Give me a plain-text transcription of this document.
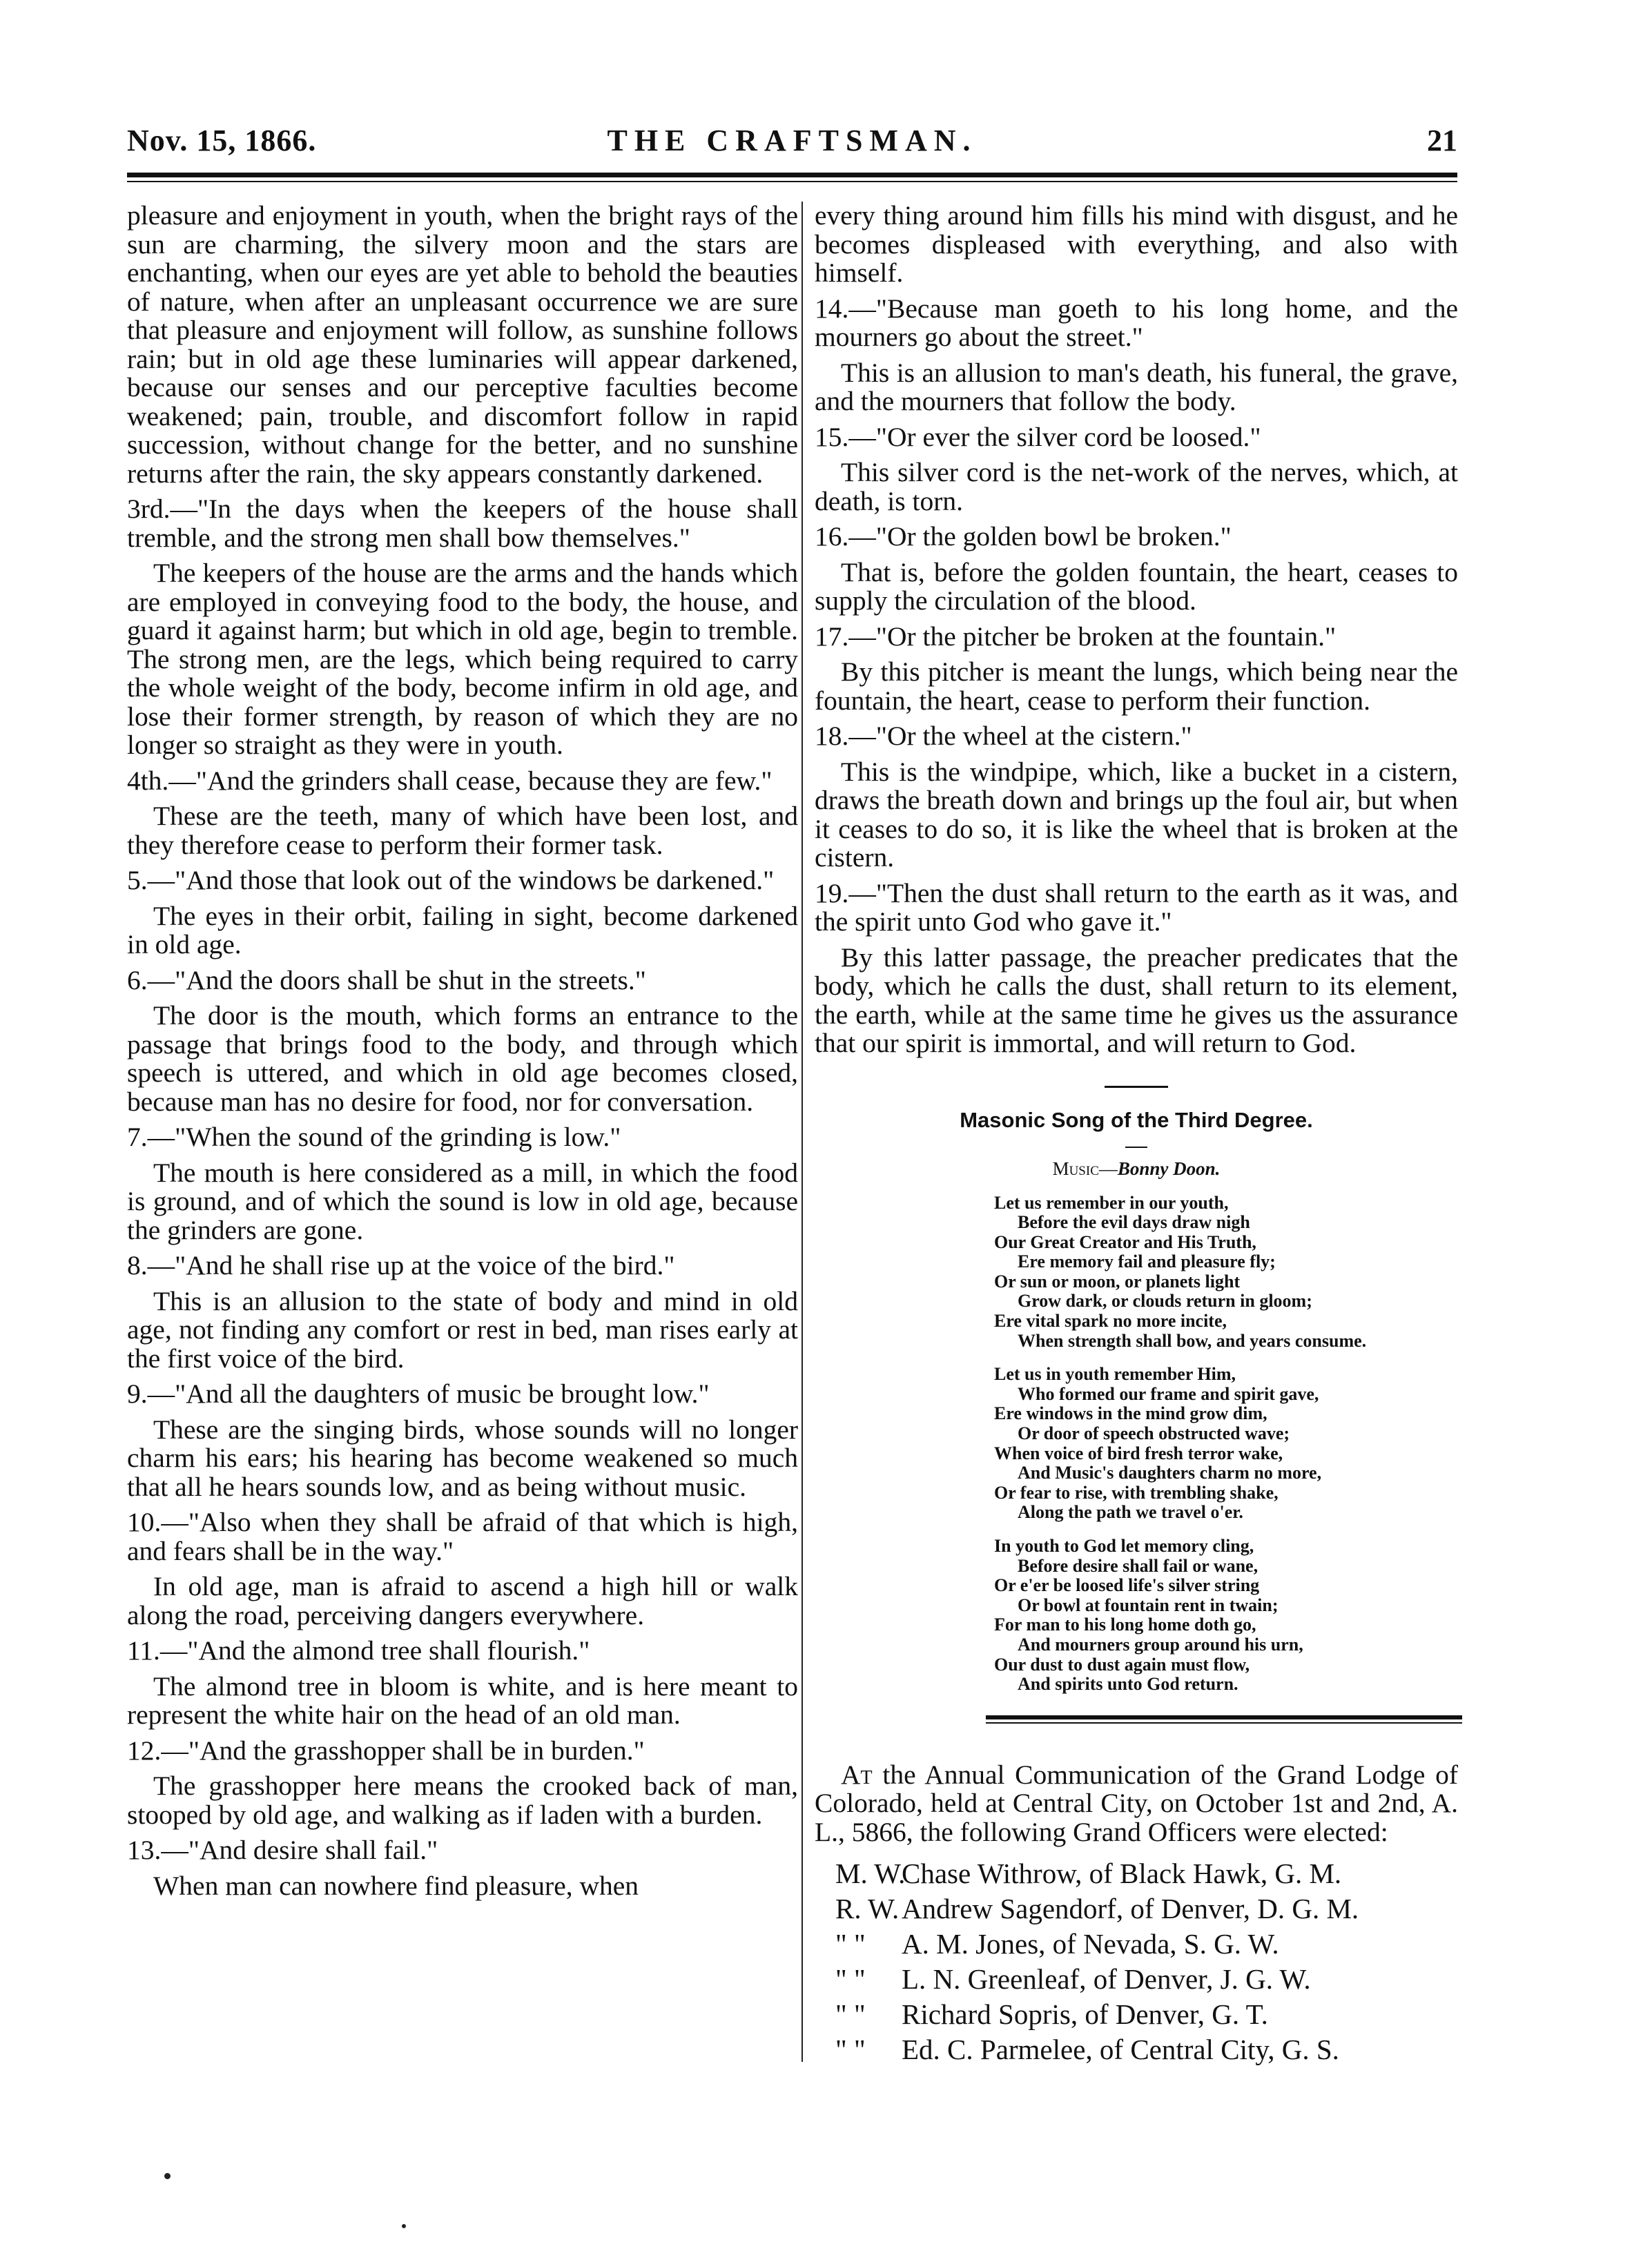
Nov. 15, 1866.	THE CRAFTSMAN.	21

pleasure and enjoyment in youth, when the bright rays of the sun are charming, the silvery moon and the stars are enchanting, when our eyes are yet able to behold the beauties of nature, when after an unpleasant occurrence we are sure that pleasure and enjoyment will follow, as sunshine follows rain; but in old age these luminaries will appear darkened, because our senses and our perceptive faculties become weakened; pain, trouble, and discomfort follow in rapid succession, without change for the better, and no sunshine returns after the rain, the sky appears constantly darkened.

3rd.—"In the days when the keepers of the house shall tremble, and the strong men shall bow themselves."

The keepers of the house are the arms and the hands which are employed in conveying food to the body, the house, and guard it against harm; but which in old age, begin to tremble. The strong men, are the legs, which being required to carry the whole weight of the body, become infirm in old age, and lose their former strength, by reason of which they are no longer so straight as they were in youth.

4th.—"And the grinders shall cease, because they are few."

These are the teeth, many of which have been lost, and they therefore cease to perform their former task.

5.—"And those that look out of the windows be darkened."

The eyes in their orbit, failing in sight, become darkened in old age.

6.—"And the doors shall be shut in the streets."

The door is the mouth, which forms an entrance to the passage that brings food to the body, and through which speech is uttered, and which in old age becomes closed, because man has no desire for food, nor for conversation.

7.—"When the sound of the grinding is low."

The mouth is here considered as a mill, in which the food is ground, and of which the sound is low in old age, because the grinders are gone.

8.—"And he shall rise up at the voice of the bird."

This is an allusion to the state of body and mind in old age, not finding any comfort or rest in bed, man rises early at the first voice of the bird.

9.—"And all the daughters of music be brought low."

These are the singing birds, whose sounds will no longer charm his ears; his hearing has become weakened so much that all he hears sounds low, and as being without music.

10.—"Also when they shall be afraid of that which is high, and fears shall be in the way."

In old age, man is afraid to ascend a high hill or walk along the road, perceiving dangers everywhere.

11.—"And the almond tree shall flourish."

The almond tree in bloom is white, and is here meant to represent the white hair on the head of an old man.

12.—"And the grasshopper shall be in burden."

The grasshopper here means the crooked back of man, stooped by old age, and walking as if laden with a burden.

13.—"And desire shall fail."

When man can nowhere find pleasure, when

every thing around him fills his mind with disgust, and he becomes displeased with everything, and also with himself.

14.—"Because man goeth to his long home, and the mourners go about the street."

This is an allusion to man's death, his funeral, the grave, and the mourners that follow the body.

15.—"Or ever the silver cord be loosed."

This silver cord is the net-work of the nerves, which, at death, is torn.

16.—"Or the golden bowl be broken."

That is, before the golden fountain, the heart, ceases to supply the circulation of the blood.

17.—"Or the pitcher be broken at the fountain."

By this pitcher is meant the lungs, which being near the fountain, the heart, cease to perform their function.

18.—"Or the wheel at the cistern."

This is the windpipe, which, like a bucket in a cistern, draws the breath down and brings up the foul air, but when it ceases to do so, it is like the wheel that is broken at the cistern.

19.—"Then the dust shall return to the earth as it was, and the spirit unto God who gave it."

By this latter passage, the preacher predicates that the body, which he calls the dust, shall return to its element, the earth, while at the same time he gives us the assurance that our spirit is immortal, and will return to God.

Masonic Song of the Third Degree.
Music—Bonny Doon.
Let us remember in our youth,
Before the evil days draw nigh
Our Great Creator and His Truth,
Ere memory fail and pleasure fly;
Or sun or moon, or planets light
Grow dark, or clouds return in gloom;
Ere vital spark no more incite,
When strength shall bow, and years consume.
Let us in youth remember Him,
Who formed our frame and spirit gave,
Ere windows in the mind grow dim,
Or door of speech obstructed wave;
When voice of bird fresh terror wake,
And Music's daughters charm no more,
Or fear to rise, with trembling shake,
Along the path we travel o'er.
In youth to God let memory cling,
Before desire shall fail or wane,
Or e'er be loosed life's silver string
Or bowl at fountain rent in twain;
For man to his long home doth go,
And mourners group around his urn,
Our dust to dust again must flow,
And spirits unto God return.

At the Annual Communication of the Grand Lodge of Colorado, held at Central City, on October 1st and 2nd, A. L., 5866, the following Grand Officers were elected:

M. W.Chase Withrow, of Black Hawk, G. M.
R. W.Andrew Sagendorf, of Denver, D. G. M.
" " A. M. Jones, of Nevada, S. G. W.
" " L. N. Greenleaf, of Denver, J. G. W.
" " Richard Sopris, of Denver, G. T.
" " Ed. C. Parmelee, of Central City, G. S.
